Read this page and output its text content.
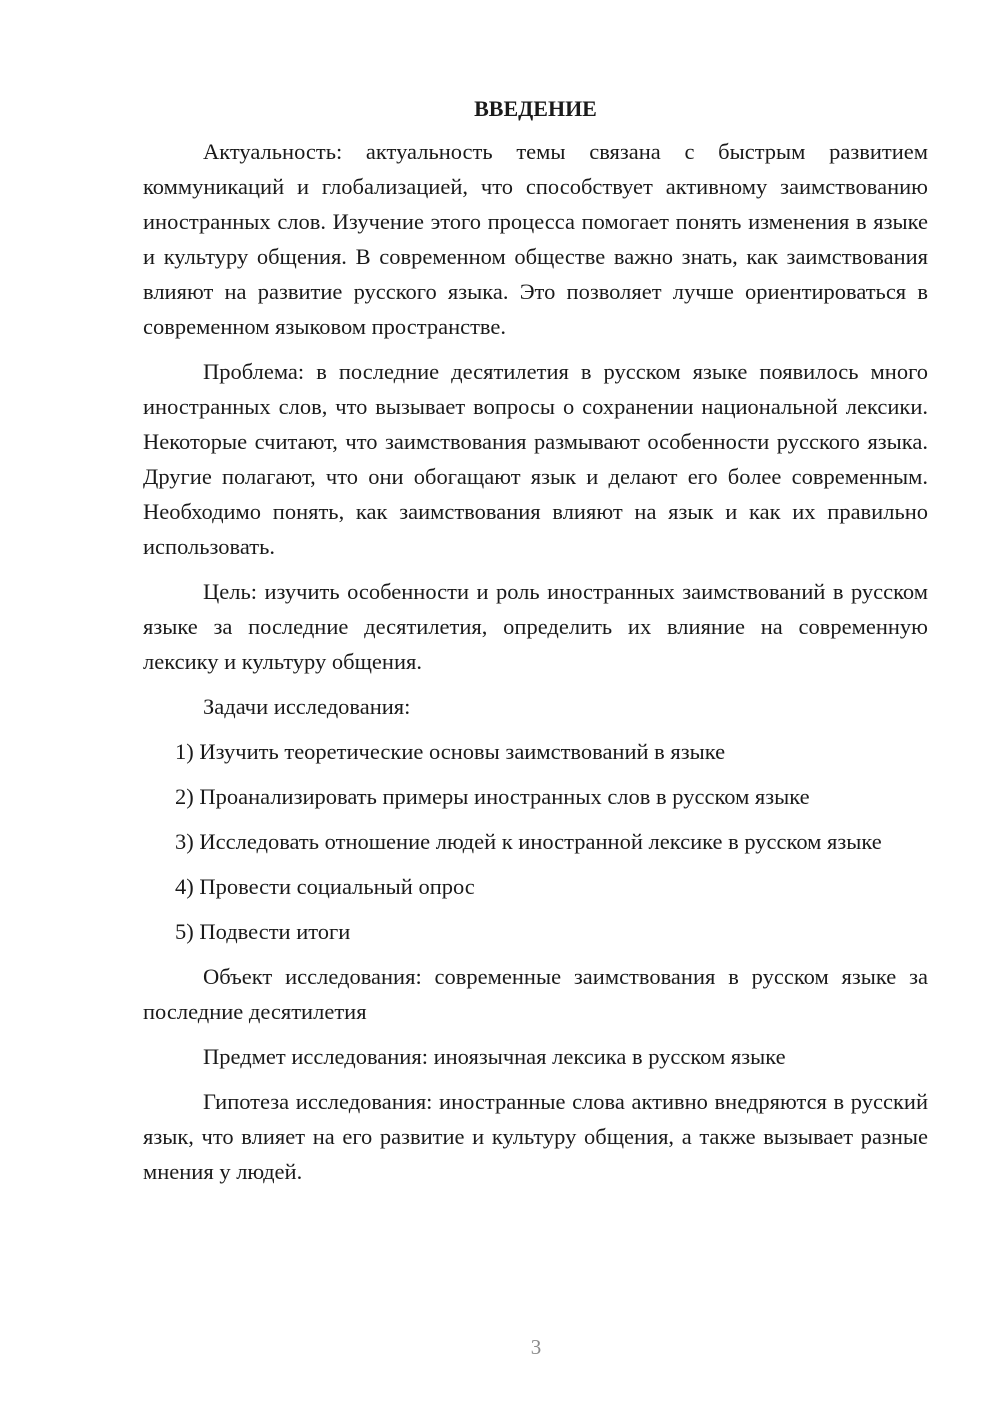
ВВЕДЕНИЕ

Актуальность: актуальность темы связана с быстрым развитием коммуникаций и глобализацией, что способствует активному заимствованию иностранных слов. Изучение этого процесса помогает понять изменения в языке и культуру общения. В современном обществе важно знать, как заимствования влияют на развитие русского языка. Это позволяет лучше ориентироваться в современном языковом пространстве.

Проблема: в последние десятилетия в русском языке появилось много иностранных слов, что вызывает вопросы о сохранении национальной лексики. Некоторые считают, что заимствования размывают особенности русского языка. Другие полагают, что они обогащают язык и делают его более современным. Необходимо понять, как заимствования влияют на язык и как их правильно использовать.

Цель: изучить особенности и роль иностранных заимствований в русском языке за последние десятилетия, определить их влияние на современную лексику и культуру общения.

Задачи исследования:

1) Изучить теоретические основы заимствований в языке

2) Проанализировать примеры иностранных слов в русском языке

3) Исследовать отношение людей к иностранной лексике в русском языке

4) Провести социальный опрос

5) Подвести итоги

Объект исследования: современные заимствования в русском языке за последние десятилетия

Предмет исследования: иноязычная лексика в русском языке

Гипотеза исследования: иностранные слова активно внедряются в русский язык, что влияет на его развитие и культуру общения, а также вызывает разные мнения у людей.

3
